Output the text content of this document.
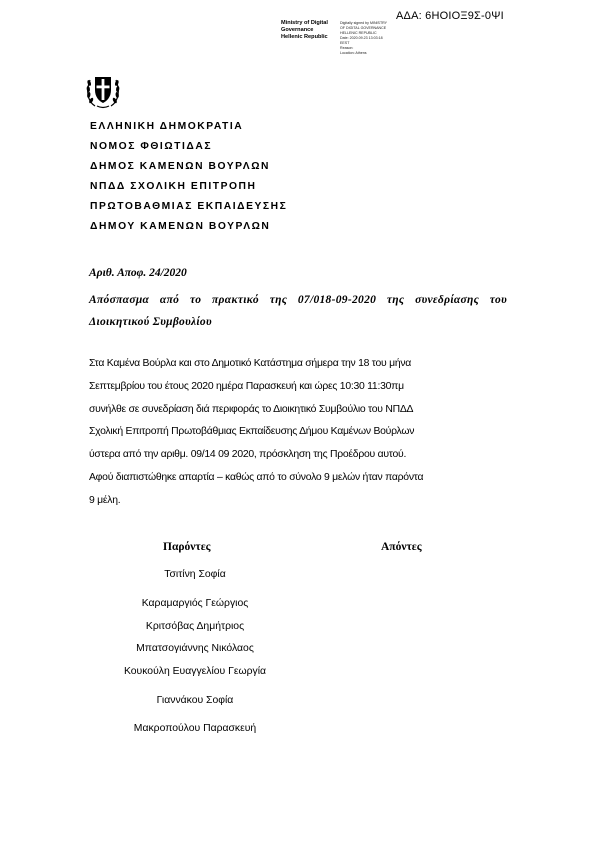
ΑΔΑ: 6ΗΟΙΟΞ9Σ-0ΨΙ
Ministry of Digital
Governance
Hellenic Republic
Digitally signed by MINISTRY
OF DIGITAL GOVERNANCE
HELLENIC REPUBLIC
Date: 2020.09.23 13:03:18
EEST
Reason:
Location: Athens
ΕΛΛΗΝΙΚΗ ΔΗΜΟΚΡΑΤΙΑ
ΝΟΜΟΣ ΦΘΙΩΤΙΔΑΣ
ΔΗΜΟΣ ΚΑΜΕΝΩΝ ΒΟΥΡΛΩΝ
ΝΠΔΔ ΣΧΟΛΙΚΗ ΕΠΙΤΡΟΠΗ
ΠΡΩΤΟΒΑΘΜΙΑΣ ΕΚΠΑΙΔΕΥΣΗΣ
ΔΗΜΟΥ ΚΑΜΕΝΩΝ ΒΟΥΡΛΩΝ
Αριθ. Αποφ. 24/2020
Απόσπασμα από το πρακτικό της 07/018-09-2020 της συνεδρίασης του Διοικητικού Συμβουλίου
Στα Καμένα Βούρλα και στο Δημοτικό Κατάστημα σήμερα την 18 του μήνα
Σεπτεμβρίου του έτους 2020 ημέρα Παρασκευή και ώρες 10:30 11:30πμ
συνήλθε σε συνεδρίαση διά περιφοράς το Διοικητικό Συμβούλιο του ΝΠΔΔ
Σχολική Επιτροπή Πρωτοβάθμιας Εκπαίδευσης Δήμου Καμένων Βούρλων
ύστερα από την αριθμ. 09/14 09 2020, πρόσκληση της Προέδρου αυτού.
Αφού διαπιστώθηκε απαρτία – καθώς από το σύνολο 9 μελών ήταν παρόντα
9 μέλη.
Παρόντες	Απόντες
Τσιτίνη Σοφία
Καραμαργιός Γεώργιος
Κριτσόβας Δημήτριος
Μπατσογιάννης Νικόλαος
Κουκούλη Ευαγγελίου Γεωργία
Γιαννάκου Σοφία
Μακροπούλου Παρασκευή
